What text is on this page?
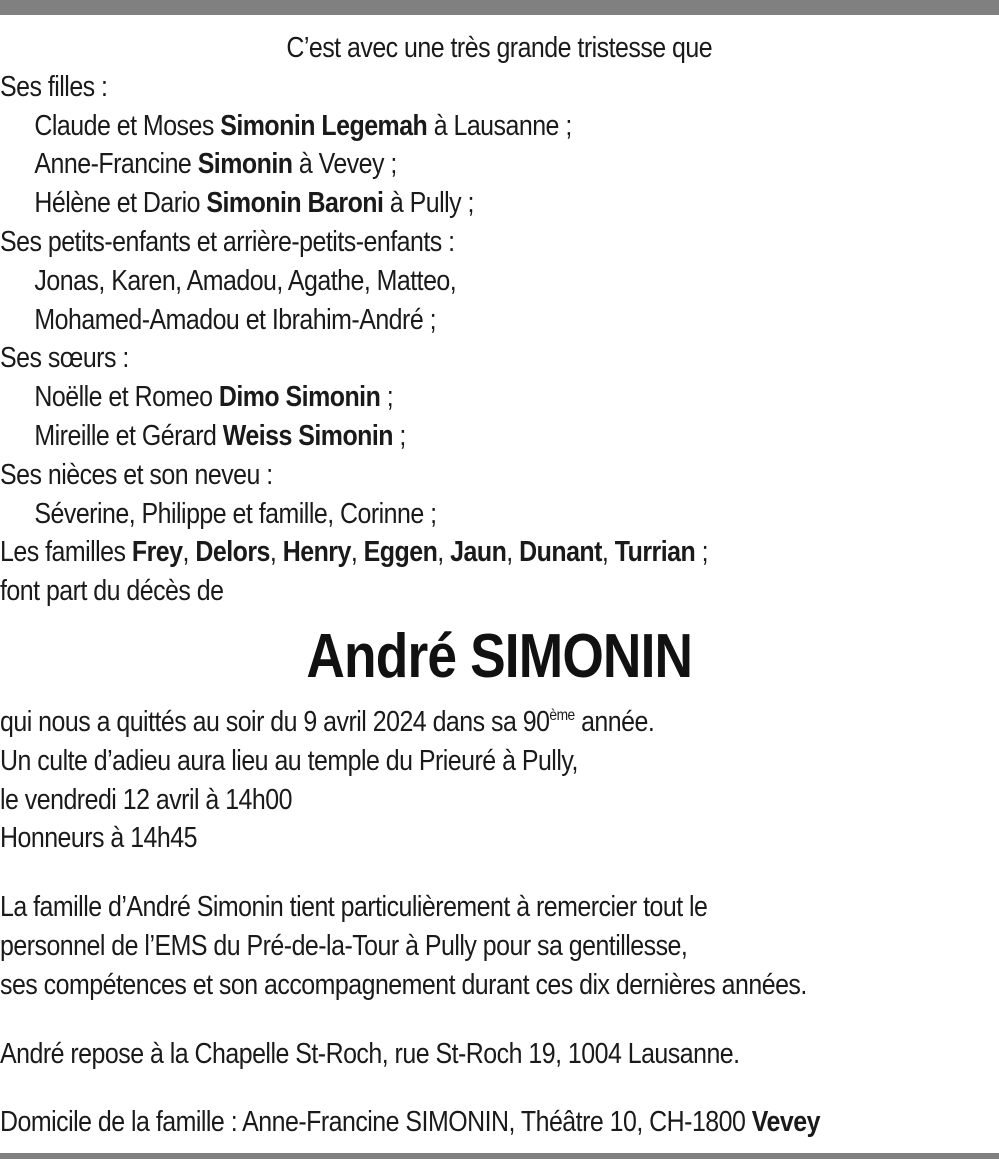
C’est avec une très grande tristesse que
Ses filles :
Claude et Moses Simonin Legemah à Lausanne ;
Anne-Francine Simonin à Vevey ;
Hélène et Dario Simonin Baroni à Pully ;
Ses petits-enfants et arrière-petits-enfants :
Jonas, Karen, Amadou, Agathe, Matteo,
Mohamed-Amadou et Ibrahim-André ;
Ses sœurs :
Noëlle et Romeo Dimo Simonin ;
Mireille et Gérard Weiss Simonin ;
Ses nièces et son neveu :
Séverine, Philippe et famille, Corinne ;
Les familles Frey, Delors, Henry, Eggen, Jaun, Dunant, Turrian ;
font part du décès de
André SIMONIN
qui nous a quittés au soir du 9 avril 2024 dans sa 90ème année.
Un culte d’adieu aura lieu au temple du Prieuré à Pully,
le vendredi 12 avril à 14h00
Honneurs à 14h45
La famille d’André Simonin tient particulièrement à remercier tout le
personnel de l’EMS du Pré-de-la-Tour à Pully pour sa gentillesse,
ses compétences et son accompagnement durant ces dix dernières années.
André repose à la Chapelle St-Roch, rue St-Roch 19, 1004 Lausanne.
Domicile de la famille : Anne-Francine SIMONIN, Théâtre 10, CH-1800 Vevey
